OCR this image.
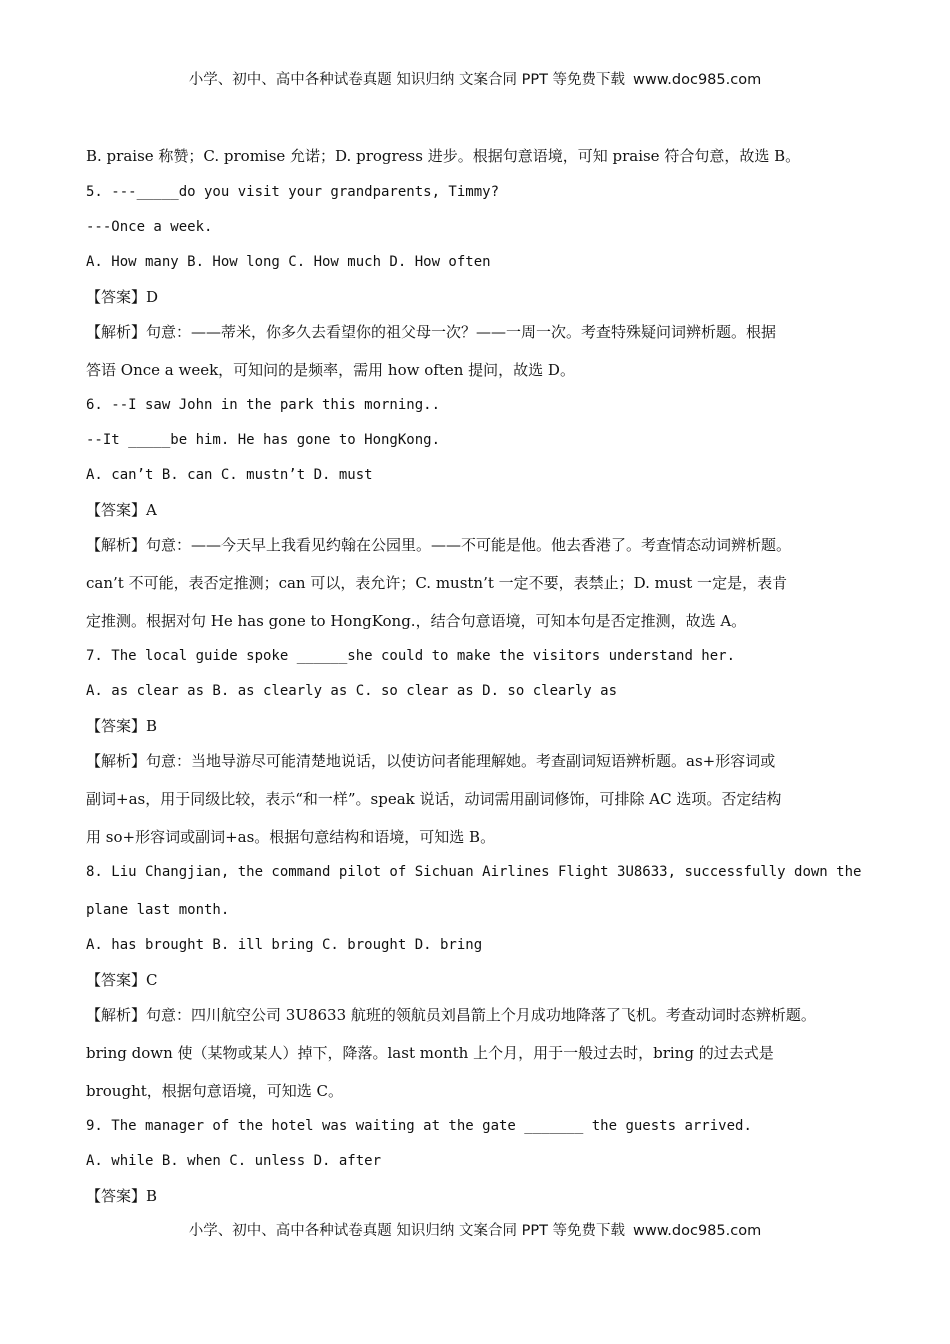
小学、初中、高中各种试卷真题 知识归纳 文案合同 PPT 等免费下载 www.doc985.com
B. praise 称赞；C. promise 允诺；D. progress 进步。根据句意语境，可知 praise 符合句意，故选 B。
5. ---_____do you visit your grandparents, Timmy?
---Once a week.
A. How many B. How long C. How much D. How often
【答案】D
【解析】句意：——蒂米，你多久去看望你的祖父母一次？——一周一次。考查特殊疑问词辨析题。根据
答语 Once a week，可知问的是频率，需用 how often 提问，故选 D。
6. --I saw John in the park this morning..
--It _____be him. He has gone to HongKong.
A. can’t B. can C. mustn’t D. must
【答案】A
【解析】句意：——今天早上我看见约翰在公园里。——不可能是他。他去香港了。考查情态动词辨析题。
can’t 不可能，表否定推测；can 可以，表允许；C. mustn’t 一定不要，表禁止；D. must 一定是，表肯
定推测。根据对句 He has gone to HongKong.，结合句意语境，可知本句是否定推测，故选 A。
7. The local guide spoke ______she could to make the visitors understand her.
A. as clear as B. as clearly as C. so clear as D. so clearly as
【答案】B
【解析】句意：当地导游尽可能清楚地说话，以使访问者能理解她。考查副词短语辨析题。as+形容词或
副词+as，用于同级比较，表示“和一样”。speak 说话，动词需用副词修饰，可排除 AC 选项。否定结构
用 so+形容词或副词+as。根据句意结构和语境，可知选 B。
8. Liu Changjian, the command pilot of Sichuan Airlines Flight 3U8633, successfully down the
plane last month.
A. has brought B. ill bring C. brought D. bring
【答案】C
【解析】句意：四川航空公司 3U8633 航班的领航员刘昌箭上个月成功地降落了飞机。考查动词时态辨析题。
bring down 使（某物或某人）掉下，降落。last month 上个月，用于一般过去时，bring 的过去式是
brought，根据句意语境，可知选 C。
9. The manager of the hotel was waiting at the gate _______ the guests arrived.
A. while B. when C. unless D. after
【答案】B
小学、初中、高中各种试卷真题 知识归纳 文案合同 PPT 等免费下载 www.doc985.com
